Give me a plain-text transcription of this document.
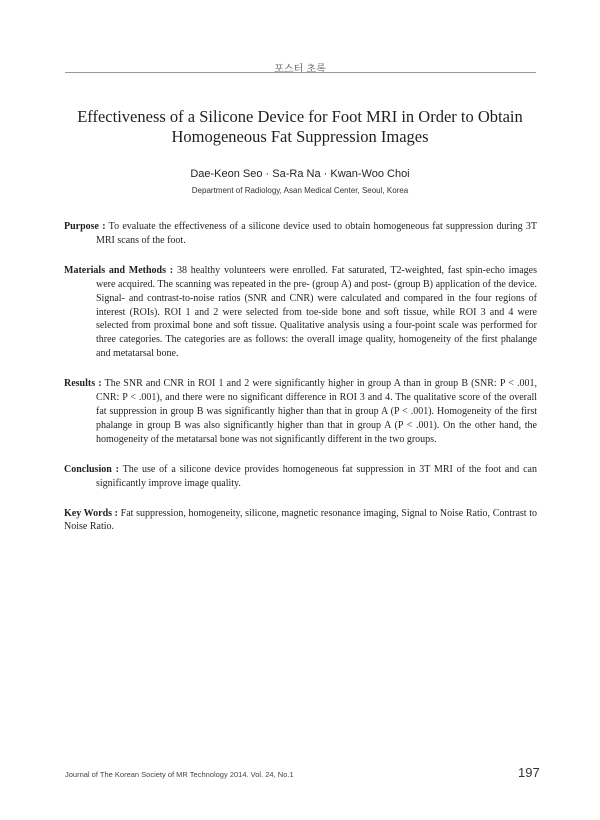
포스터 초록
Effectiveness of a Silicone Device for Foot MRI in Order to Obtain
Homogeneous Fat Suppression Images
Dae-Keon Seo · Sa-Ra Na · Kwan-Woo Choi
Department of Radiology, Asan Medical Center, Seoul, Korea

Purpose : To evaluate the effectiveness of a silicone device used to obtain homogeneous fat suppression during 3T MRI scans of the foot.

Materials and Methods : 38 healthy volunteers were enrolled. Fat saturated, T2-weighted, fast spin-echo images were acquired. The scanning was repeated in the pre- (group A) and post- (group B) application of the device. Signal- and contrast-to-noise ratios (SNR and CNR) were calculated and compared in the four regions of interest (ROIs). ROI 1 and 2 were selected from toe-side bone and soft tissue, while ROI 3 and 4 were selected from proximal bone and soft tissue. Qualitative analysis using a four-point scale was performed for three categories. The categories are as follows: the overall image quality, homogeneity of the first phalange and metatarsal bone.

Results : The SNR and CNR in ROI 1 and 2 were significantly higher in group A than in group B (SNR: P < .001, CNR: P < .001), and there were no significant difference in ROI 3 and 4. The qualitative score of the overall fat suppression in group B was significantly higher than that in group A (P < .001). Homogeneity of the first phalange in group B was also significantly higher than that in group A (P < .001). On the other hand, the homogeneity of the metatarsal bone was not significantly different in the two groups.

Conclusion : The use of a silicone device provides homogeneous fat suppression in 3T MRI of the foot and can significantly improve image quality.

Key Words : Fat suppression, homogeneity, silicone, magnetic resonance imaging, Signal to Noise Ratio, Contrast to Noise Ratio.

Journal of The Korean Society of MR Technology 2014. Vol. 24, No.1	197
